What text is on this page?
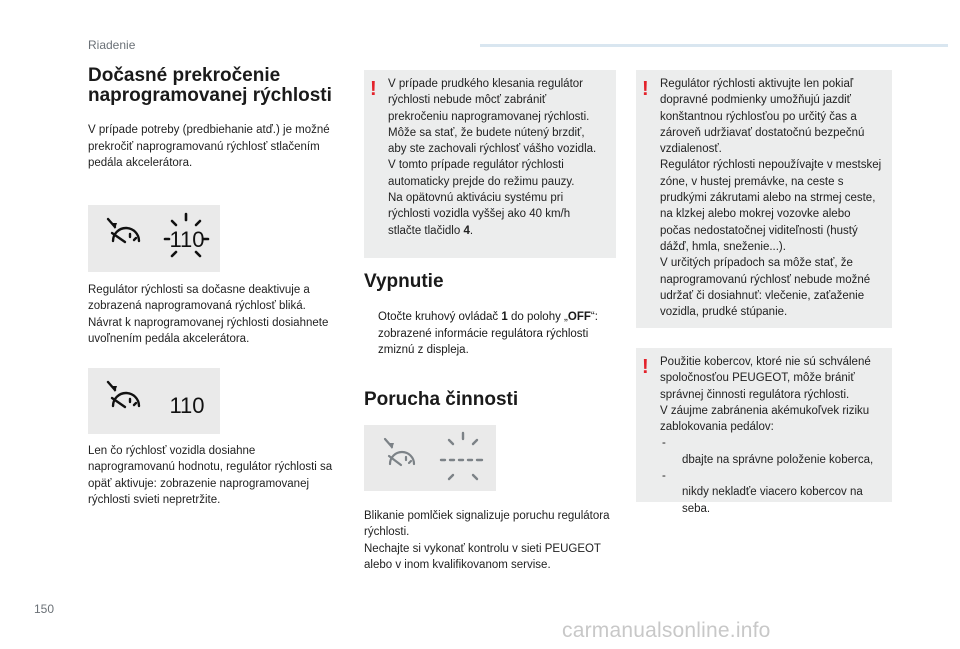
Riadenie
Dočasné prekročenie
naprogramovanej rýchlosti

V prípade potreby (predbiehanie atď.) je možné prekročiť naprogramovanú rýchlosť stlačením pedála akcelerátora.

110

Regulátor rýchlosti sa dočasne deaktivuje a zobrazená naprogramovaná rýchlosť bliká. Návrat k naprogramovanej rýchlosti dosiahnete uvoľnením pedála akcelerátora.

110

Len čo rýchlosť vozidla dosiahne naprogramovanú hodnotu, regulátor rýchlosti sa opäť aktivuje: zobrazenie naprogramovanej rýchlosti svieti nepretržite.

! V prípade prudkého klesania regulátor rýchlosti nebude môcť zabrániť prekročeniu naprogramovanej rýchlosti. Môže sa stať, že budete nútený brzdiť, aby ste zachovali rýchlosť vášho vozidla.
V tomto prípade regulátor rýchlosti automaticky prejde do režimu pauzy.
Na opätovnú aktiváciu systému pri rýchlosti vozidla vyššej ako 40 km/h stlačte tlačidlo 4.
Vypnutie
Otočte kruhový ovládač 1 do polohy „OFF“: zobrazené informácie regulátora rýchlosti zmiznú z displeja.
Porucha činnosti

Blikanie pomlčiek signalizuje poruchu regulátora rýchlosti.
Nechajte si vykonať kontrolu v sieti PEUGEOT alebo v inom kvalifikovanom servise.

! Regulátor rýchlosti aktivujte len pokiaľ dopravné podmienky umožňujú jazdiť konštantnou rýchlosťou po určitý čas a zároveň udržiavať dostatočnú bezpečnú vzdialenosť.
Regulátor rýchlosti nepoužívajte v mestskej zóne, v hustej premávke, na ceste s prudkými zákrutami alebo na strmej ceste, na klzkej alebo mokrej vozovke alebo počas nedostatočnej viditeľnosti (hustý dážď, hmla, sneženie...).
V určitých prípadoch sa môže stať, že naprogramovanú rýchlosť nebude možné udržať či dosiahnuť: vlečenie, zaťaženie vozidla, prudké stúpanie.
! Použitie kobercov, ktoré nie sú schválené spoločnosťou PEUGEOT, môže brániť správnej činnosti regulátora rýchlosti.
V záujme zabránenia akémukoľvek riziku zablokovania pedálov:

-
dbajte na správne položenie koberca,

-
nikdy nekladťe viacero kobercov na seba.

150
carmanualsonline.info
